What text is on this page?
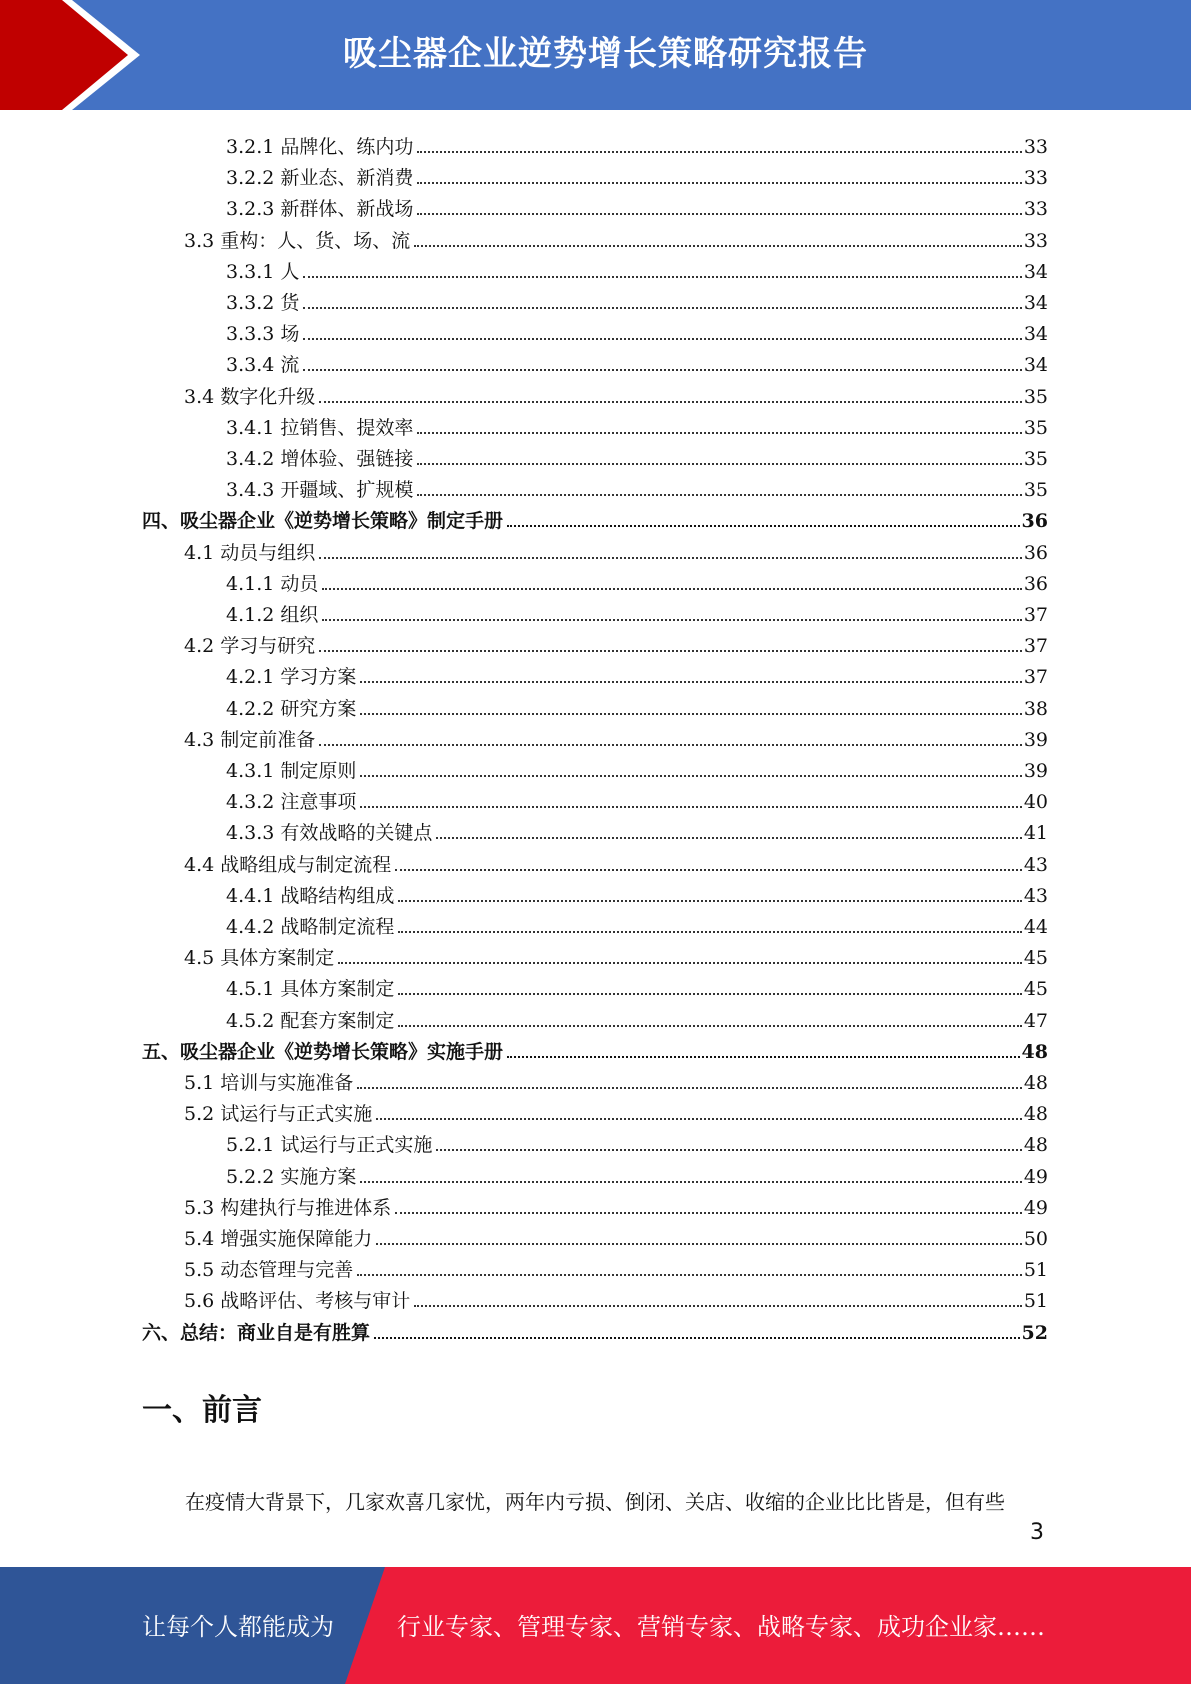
吸尘器企业逆势增长策略研究报告
3.2.1 品牌化、练内功	33
3.2.2 新业态、新消费	33
3.2.3 新群体、新战场	33
3.3 重构：人、货、场、流	33
3.3.1 人	34
3.3.2 货	34
3.3.3 场	34
3.3.4 流	34
3.4 数字化升级	35
3.4.1 拉销售、提效率	35
3.4.2 增体验、强链接	35
3.4.3 开疆域、扩规模	35
四、吸尘器企业《逆势增长策略》制定手册	36
4.1 动员与组织	36
4.1.1 动员	36
4.1.2 组织	37
4.2 学习与研究	37
4.2.1 学习方案	37
4.2.2 研究方案	38
4.3 制定前准备	39
4.3.1 制定原则	39
4.3.2 注意事项	40
4.3.3 有效战略的关键点	41
4.4 战略组成与制定流程	43
4.4.1 战略结构组成	43
4.4.2 战略制定流程	44
4.5 具体方案制定	45
4.5.1 具体方案制定	45
4.5.2 配套方案制定	47
五、吸尘器企业《逆势增长策略》实施手册	48
5.1 培训与实施准备	48
5.2 试运行与正式实施	48
5.2.1 试运行与正式实施	48
5.2.2 实施方案	49
5.3 构建执行与推进体系	49
5.4 增强实施保障能力	50
5.5 动态管理与完善	51
5.6 战略评估、考核与审计	51
六、总结：商业自是有胜算	52
一、前言
在疫情大背景下，几家欢喜几家忧，两年内亏损、倒闭、关店、收缩的企业比比皆是，但有些
3
让每个人都能成为	行业专家、管理专家、营销专家、战略专家、成功企业家……
